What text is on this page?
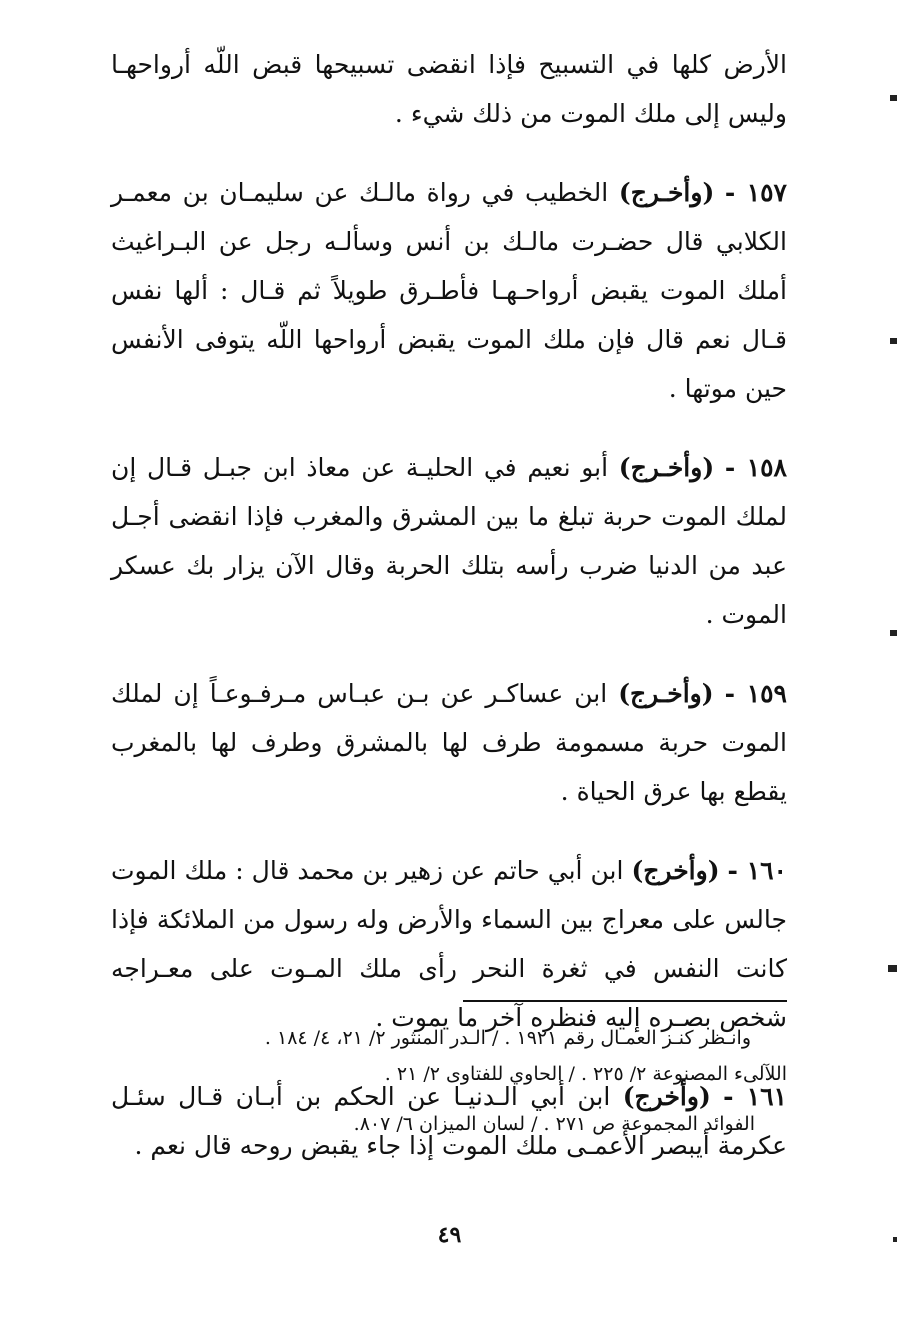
الأرض كلها في التسبيح فإذا انقضى تسبيحها قبض اللّه أرواحهـا وليس إلى ملك الموت من ذلك شيء .

١٥٧ - (وأخـرج) الخطيب في رواة مالـك عن سليمـان بن معمـر الكلابي قال حضـرت مالـك بن أنس وسألـه رجل عن البـراغيث أملك الموت يقبض أرواحـهـا فأطـرق طويلاً ثم قـال : ألها نفس قـال نعم قال فإن ملك الموت يقبض أرواحها اللّه يتوفى الأنفس حين موتها .

١٥٨ - (وأخـرج) أبو نعيم في الحليـة عن معاذ ابن جبـل قـال إن لملك الموت حربة تبلغ ما بين المشرق والمغرب فإذا انقضى أجـل عبد من الدنيا ضرب رأسه بتلك الحربة وقال الآن يزار بك عسكر الموت .

١٥٩ - (وأخـرج) ابن عساكـر عن بـن عبـاس مـرفـوعـاً إن لملك الموت حربة مسمومة طرف لها بالمشرق وطرف لها بالمغرب يقطع بها عرق الحياة .

١٦٠ - (وأخرج) ابن أبي حاتم عن زهير بن محمد قال : ملك الموت جالس على معراج بين السماء والأرض وله رسول من الملائكة فإذا كانت النفس في ثغرة النحر رأى ملك المـوت على معـراجه شخص بصـره إليه فنظره آخر ما يموت .

١٦١ - (وأخرج) ابن أبي الـدنيـا عن الحكم بن أبـان قـال سئـل عكرمة أيبصر الأعمـى ملك الموت إذا جاء يقبض روحه قال نعم .

وانـظر كنـز العمـال رقم ١٩٢١ . / الـدر المنثور ٢/ ٢١، ٤/ ١٨٤ .

اللآلىء المصنوعة ٢/ ٢٢٥ . / الحاوي للفتاوى ٢/ ٢١ .

الفوائد المجموعة ص ٢٧١ . / لسان الميزان ٦/ ٨٠٧.

٤٩
